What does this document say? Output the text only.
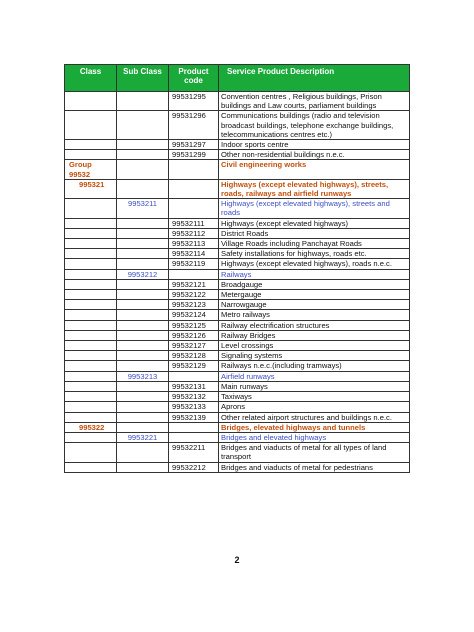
Class	Sub Class	Product code	Service Product Description
		99531295	Convention centres , Religious buildings, Prison buildings and Law courts, parliament buildings
		99531296	Communications buildings (radio and television broadcast buildings, telephone exchange buildings, telecommunications centres etc.)
		99531297	Indoor sports centre
		99531299	Other non-residential buildings n.e.c.
Group 99532			Civil engineering works
995321			Highways (except elevated highways), streets, roads, railways and airfield runways
	9953211		Highways (except elevated highways), streets and roads
		99532111	Highways (except elevated highways)
		99532112	District Roads
		99532113	Village Roads including Panchayat Roads
		99532114	Safety installations for highways, roads etc.
		99532119	Highways (except elevated highways), roads n.e.c.
	9953212		Railways
		99532121	Broadgauge
		99532122	Metergauge
		99532123	Narrowgauge
		99532124	Metro railways
		99532125	Railway electrification structures
		99532126	Railway Bridges
		99532127	Level crossings
		99532128	Signaling systems
		99532129	Railways n.e.c.(including tramways)
	9953213		Airfield runways
		99532131	Main runways
		99532132	Taxiways
		99532133	Aprons
		99532139	Other related airport structures and buildings n.e.c.
995322			Bridges, elevated highways and tunnels
	9953221		Bridges and elevated highways
		99532211	Bridges and viaducts of metal for all types of land transport
		99532212	Bridges and viaducts of metal for pedestrians
2
